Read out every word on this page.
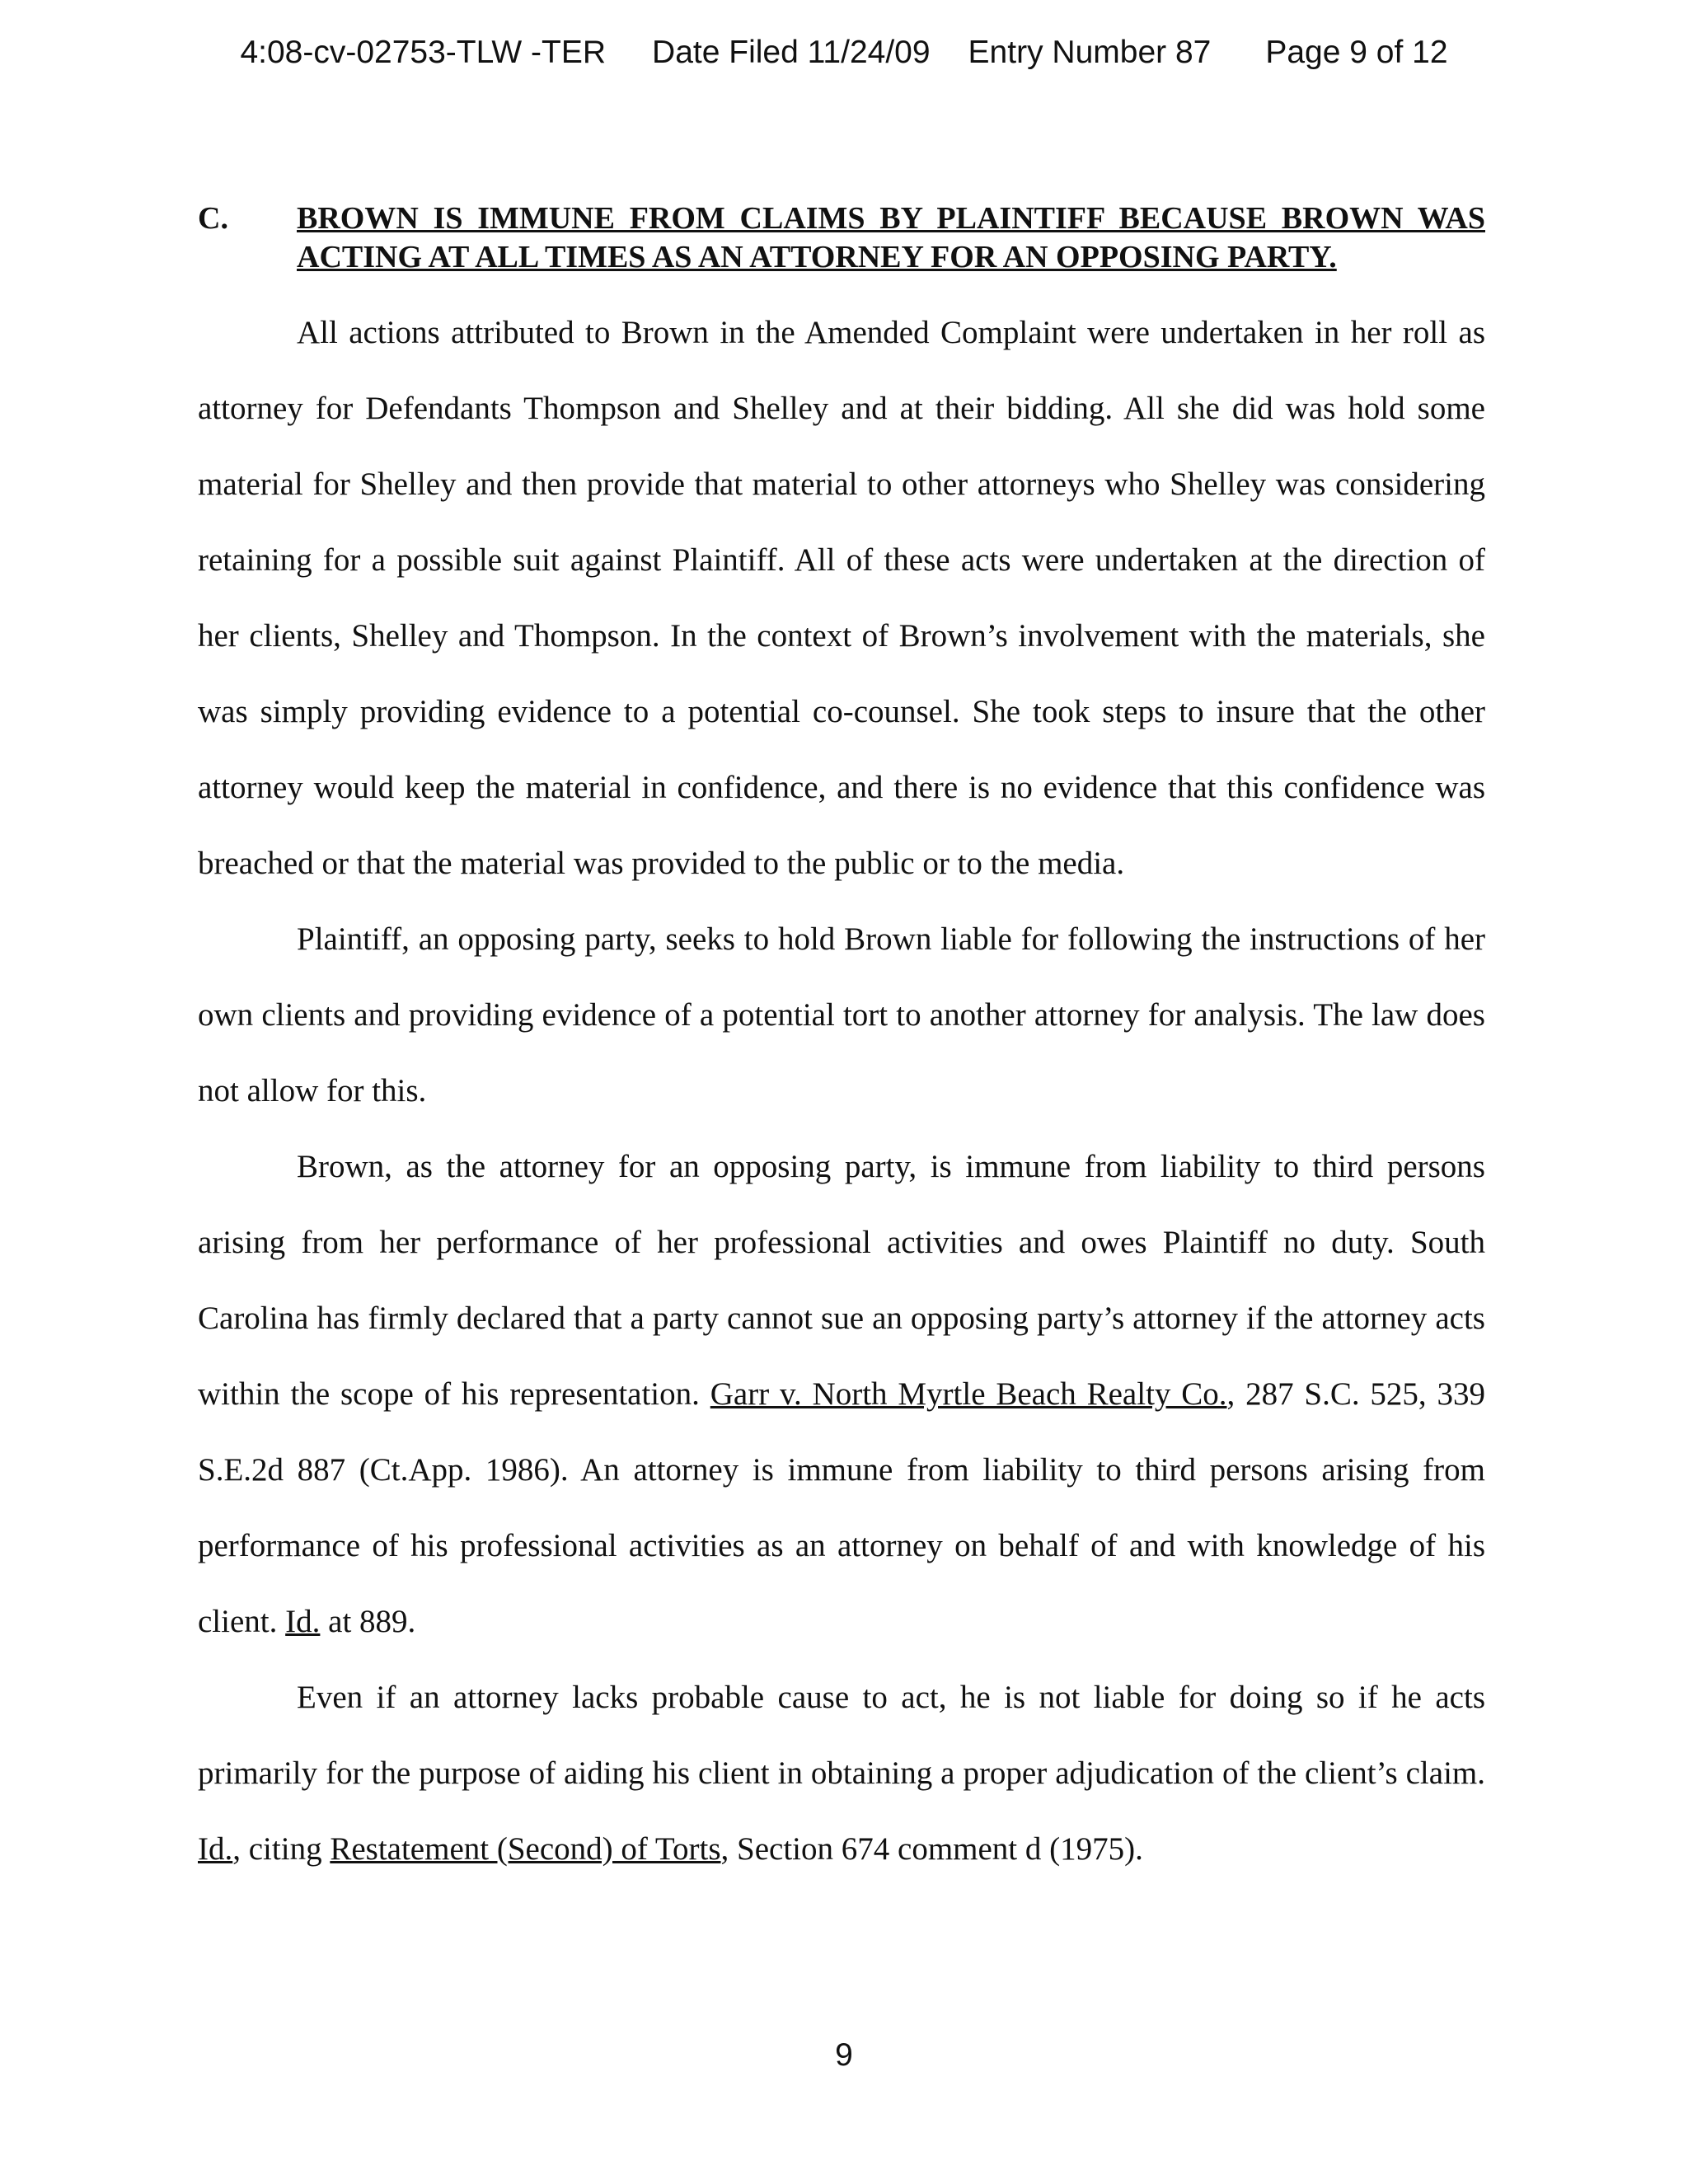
4:08-cv-02753-TLW -TER Date Filed 11/24/09 Entry Number 87 Page 9 of 12
C.	BROWN IS IMMUNE FROM CLAIMS BY PLAINTIFF BECAUSE BROWN WAS ACTING AT ALL TIMES AS AN ATTORNEY FOR AN OPPOSING PARTY.

All actions attributed to Brown in the Amended Complaint were undertaken in her roll as attorney for Defendants Thompson and Shelley and at their bidding. All she did was hold some material for Shelley and then provide that material to other attorneys who Shelley was considering retaining for a possible suit against Plaintiff. All of these acts were undertaken at the direction of her clients, Shelley and Thompson. In the context of Brown’s involvement with the materials, she was simply providing evidence to a potential co-counsel. She took steps to insure that the other attorney would keep the material in confidence, and there is no evidence that this confidence was breached or that the material was provided to the public or to the media.

Plaintiff, an opposing party, seeks to hold Brown liable for following the instructions of her own clients and providing evidence of a potential tort to another attorney for analysis. The law does not allow for this.

Brown, as the attorney for an opposing party, is immune from liability to third persons arising from her performance of her professional activities and owes Plaintiff no duty. South Carolina has firmly declared that a party cannot sue an opposing party’s attorney if the attorney acts within the scope of his representation. Garr v. North Myrtle Beach Realty Co., 287 S.C. 525, 339 S.E.2d 887 (Ct.App. 1986). An attorney is immune from liability to third persons arising from performance of his professional activities as an attorney on behalf of and with knowledge of his client. Id. at 889.

Even if an attorney lacks probable cause to act, he is not liable for doing so if he acts primarily for the purpose of aiding his client in obtaining a proper adjudication of the client’s claim. Id., citing Restatement (Second) of Torts, Section 674 comment d (1975).

9
